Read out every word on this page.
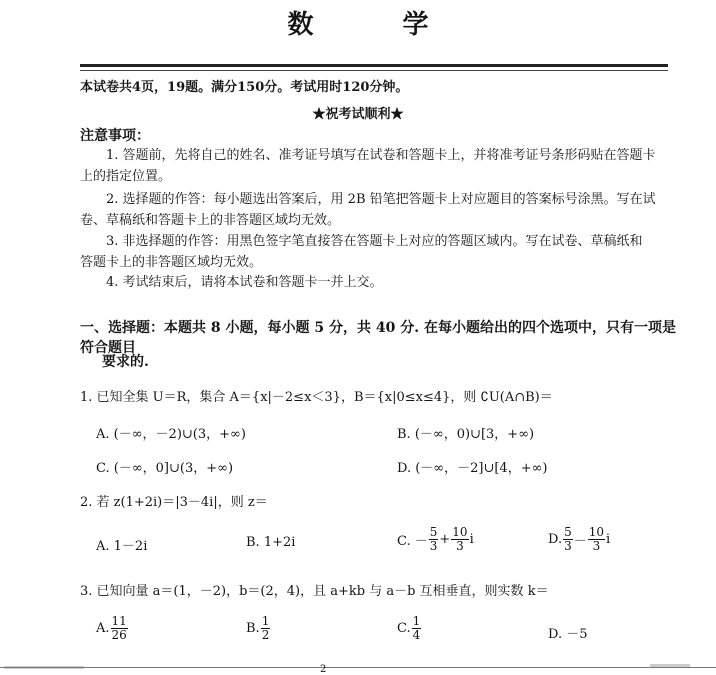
数 学
本试卷共4页，19题。满分150分。考试用时120分钟。
★祝考试顺利★
注意事项：
1. 答题前，先将自己的姓名、准考证号填写在试卷和答题卡上，并将准考证号条形码贴在答题卡
上的指定位置。
2. 选择题的作答：每小题选出答案后，用 2B 铅笔把答题卡上对应题目的答案标号涂黑。写在试
卷、草稿纸和答题卡上的非答题区域均无效。
3. 非选择题的作答：用黑色签字笔直接答在答题卡上对应的答题区域内。写在试卷、草稿纸和
答题卡上的非答题区域均无效。
4. 考试结束后，请将本试卷和答题卡一并上交。
一、选择题：本题共 8 小题，每小题 5 分，共 40 分. 在每小题给出的四个选项中，只有一项是符合题目
要求的.
1. 已知全集 U＝R，集合 A＝{x|－2≤x＜3}，B＝{x|0≤x≤4}，则 ∁U(A∩B)＝
A. (－∞，－2)∪(3，+∞)	B. (－∞，0)∪[3，+∞)
C. (－∞，0]∪(3，+∞)	D. (－∞，－2]∪[4，+∞)
2. 若 z(1+2i)＝|3－4i|，则 z＝
A. 1－2i	B. 1+2i	C. － $\frac{5}{3} + \frac{10}{3}$ i	D. $\frac{5}{3} - \frac{10}{3}$ i
3. 已知向量 a＝(1，－2)，b＝(2，4)，且 a+kb 与 a－b 互相垂直，则实数 k＝
A. $\frac{11}{26}$	B. $\frac{1}{2}$	C. $\frac{1}{4}$	D. －5
2
